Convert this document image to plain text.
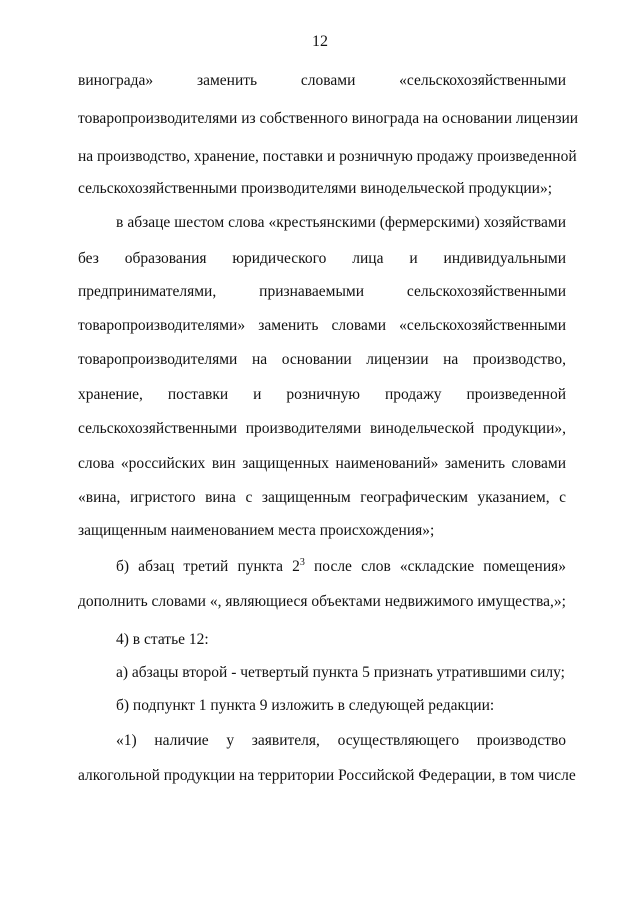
12
винограда» заменить словами «сельскохозяйственными
товаропроизводителями из собственного винограда на основании лицензии
на производство, хранение, поставки и розничную продажу произведенной
сельскохозяйственными производителями винодельческой продукции»;
в абзаце шестом слова «крестьянскими (фермерскими) хозяйствами
без образования юридического лица и индивидуальными
предпринимателями, признаваемыми сельскохозяйственными
товаропроизводителями» заменить словами «сельскохозяйственными
товаропроизводителями на основании лицензии на производство,
хранение, поставки и розничную продажу произведенной
сельскохозяйственными производителями винодельческой продукции»,
слова «российских вин защищенных наименований» заменить словами
«вина, игристого вина с защищенным географическим указанием, с
защищенным наименованием места происхождения»;
б) абзац третий пункта $2^3$ после слов «складские помещения»
дополнить словами «, являющиеся объектами недвижимого имущества,»;
4) в статье 12:
а) абзацы второй - четвертый пункта 5 признать утратившими силу;
б) подпункт 1 пункта 9 изложить в следующей редакции:
«1) наличие у заявителя, осуществляющего производство
алкогольной продукции на территории Российской Федерации, в том числе
